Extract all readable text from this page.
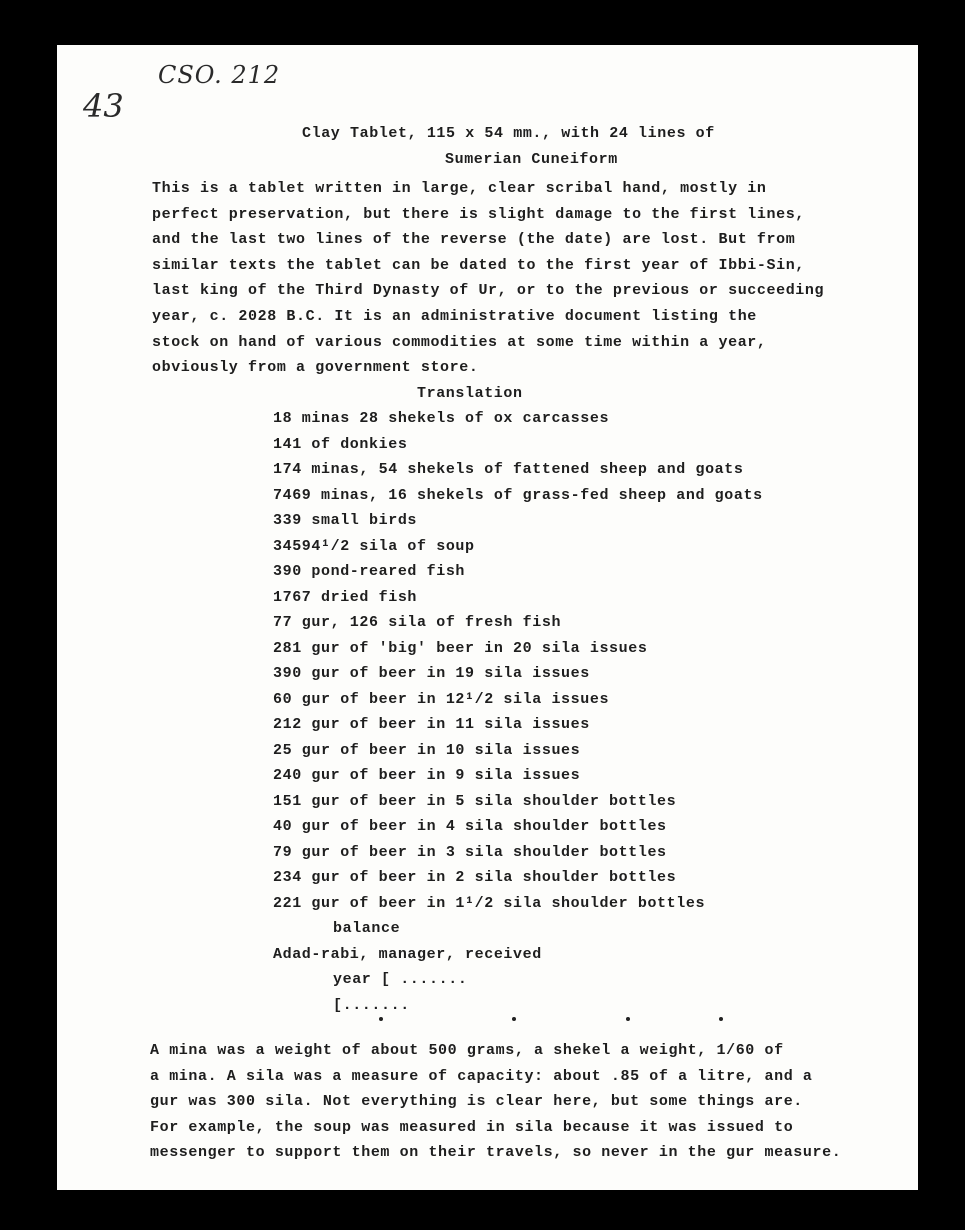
CSO. 212
43
Clay Tablet, 115 x 54 mm., with 24 lines of
Sumerian Cuneiform
This is a tablet written in large, clear scribal hand, mostly in
perfect preservation, but there is slight damage to the first lines,
and the last two lines of the reverse (the date) are lost. But from
similar texts the tablet can be dated to the first year of Ibbi-Sin,
last king of the Third Dynasty of Ur, or to the previous or succeeding
year, c. 2028 B.C. It is an administrative document listing the
stock on hand of various commodities at some time within a year,
obviously from a government store.
Translation
18 minas 28 shekels of ox carcasses
141 of donkies
174 minas, 54 shekels of fattened sheep and goats
7469 minas, 16 shekels of grass-fed sheep and goats
339 small birds
34594¹/2 sila of soup
390 pond-reared fish
1767 dried fish
77 gur, 126 sila of fresh fish
281 gur of 'big' beer in 20 sila issues
390 gur of beer in 19 sila issues
60 gur of beer in 12¹/2 sila issues
212 gur of beer in 11 sila issues
25 gur of beer in 10 sila issues
240 gur of beer in 9 sila issues
151 gur of beer in 5 sila shoulder bottles
40 gur of beer in 4 sila shoulder bottles
79 gur of beer in 3 sila shoulder bottles
234 gur of beer in 2 sila shoulder bottles
221 gur of beer in 1¹/2 sila shoulder bottles
balance
Adad-rabi, manager, received
year [ .......
[.......
A mina was a weight of about 500 grams, a shekel a weight, 1/60 of
a mina. A sila was a measure of capacity: about .85 of a litre, and a
gur was 300 sila. Not everything is clear here, but some things are.
For example, the soup was measured in sila because it was issued to
messenger to support them on their travels, so never in the gur measure.
